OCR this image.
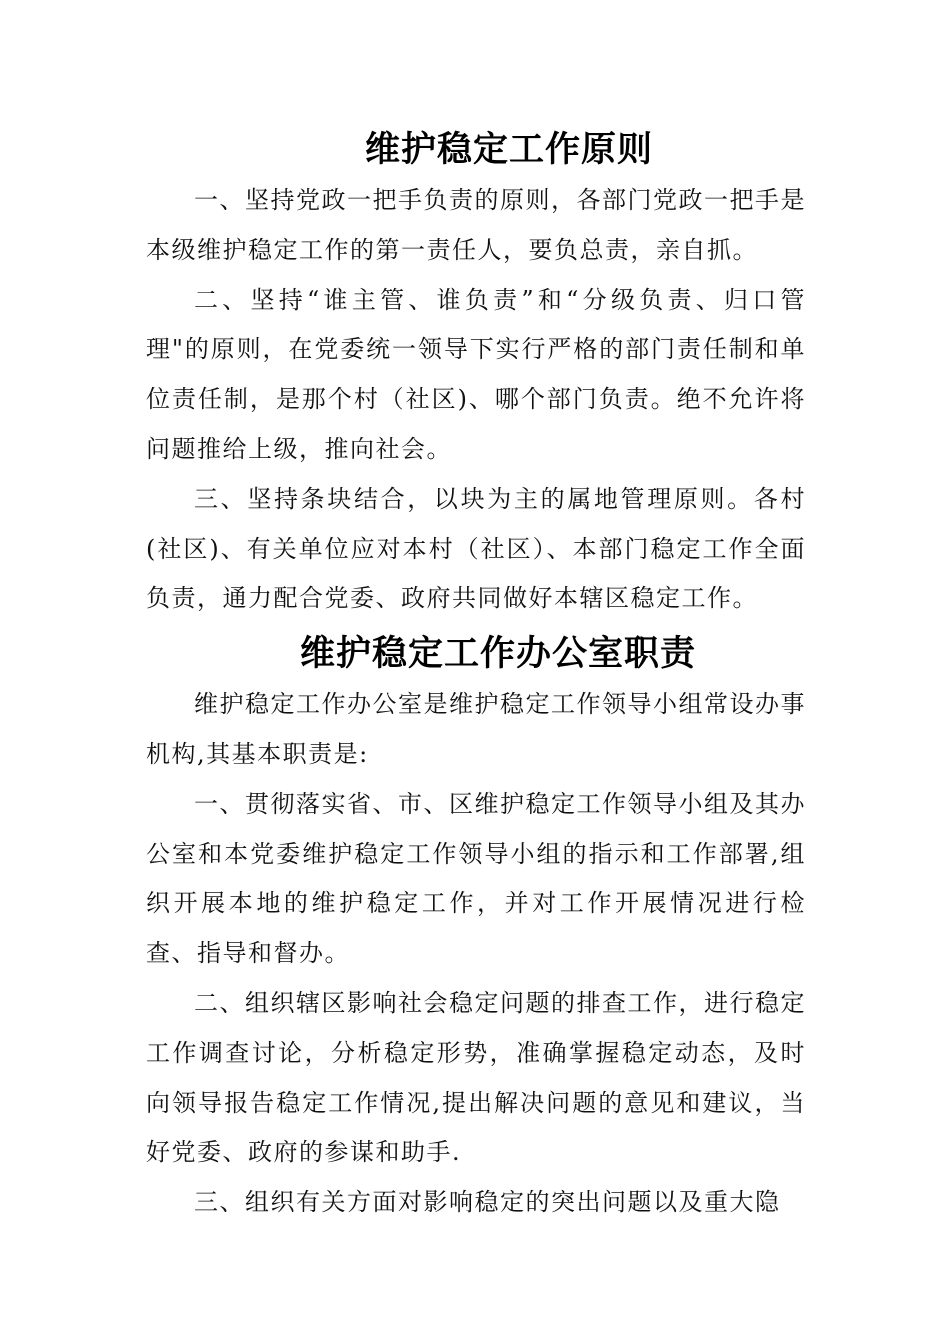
维护稳定工作原则

一、坚持党政一把手负责的原则，各部门党政一把手是本级维护稳定工作的第一责任人，要负总责，亲自抓。

二、坚持“谁主管、谁负责”和“分级负责、归口管理"的原则，在党委统一领导下实行严格的部门责任制和单位责任制，是那个村（社区)、哪个部门负责。绝不允许将问题推给上级，推向社会。

三、坚持条块结合，以块为主的属地管理原则。各村(社区)、有关单位应对本村（社区）、本部门稳定工作全面负责，通力配合党委、政府共同做好本辖区稳定工作。

维护稳定工作办公室职责

维护稳定工作办公室是维护稳定工作领导小组常设办事机构,其基本职责是:

一、贯彻落实省、市、区维护稳定工作领导小组及其办公室和本党委维护稳定工作领导小组的指示和工作部署,组织开展本地的维护稳定工作，并对工作开展情况进行检查、指导和督办。

二、组织辖区影响社会稳定问题的排查工作，进行稳定工作调查讨论，分析稳定形势，准确掌握稳定动态，及时向领导报告稳定工作情况,提出解决问题的意见和建议，当好党委、政府的参谋和助手.

三、组织有关方面对影响稳定的突出问题以及重大隐
